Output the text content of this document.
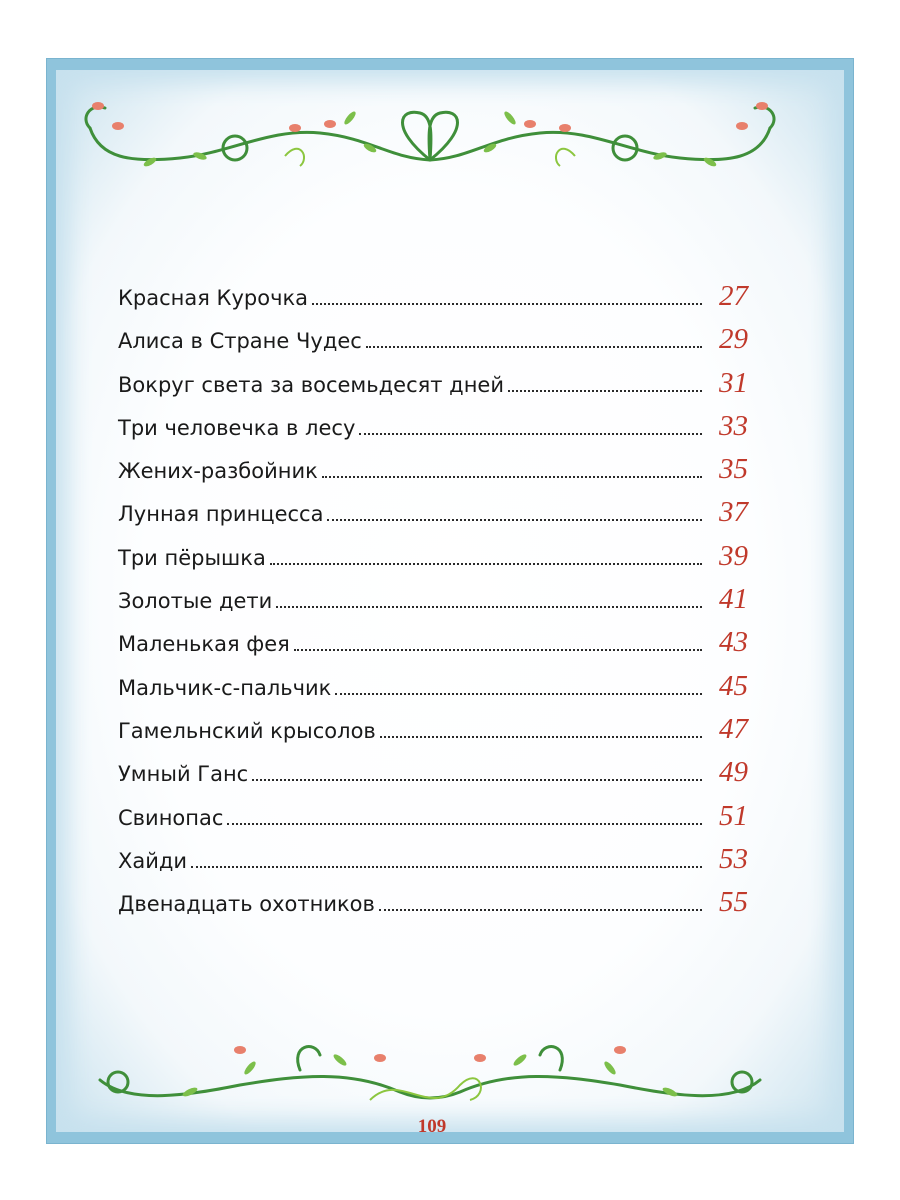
Красная Курочка	27
Алиса в Стране Чудес	29
Вокруг света за восемьдесят дней	31
Три человечка в лесу	33
Жених-разбойник	35
Лунная принцесса	37
Три пёрышка	39
Золотые дети	41
Маленькая фея	43
Мальчик-с-пальчик	45
Гамельнский крысолов	47
Умный Ганс	49
Свинопас	51
Хайди	53
Двенадцать охотников	55
109
